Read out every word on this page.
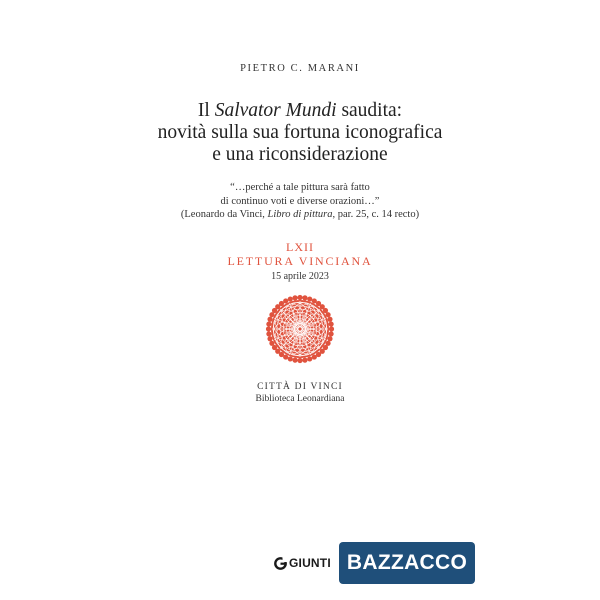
PIETRO C. MARANI
Il Salvator Mundi saudita:
novità sulla sua fortuna iconografica
e una riconsiderazione
“…perché a tale pittura sarà fatto
di continuo voti e diverse orazioni…”
(Leonardo da Vinci, Libro di pittura, par. 25, c. 14 recto)
LXII
LETTURA VINCIANA
15 aprile 2023
CITTÀ DI VINCI
Biblioteca Leonardiana
GIUNTI BAZZACCO
